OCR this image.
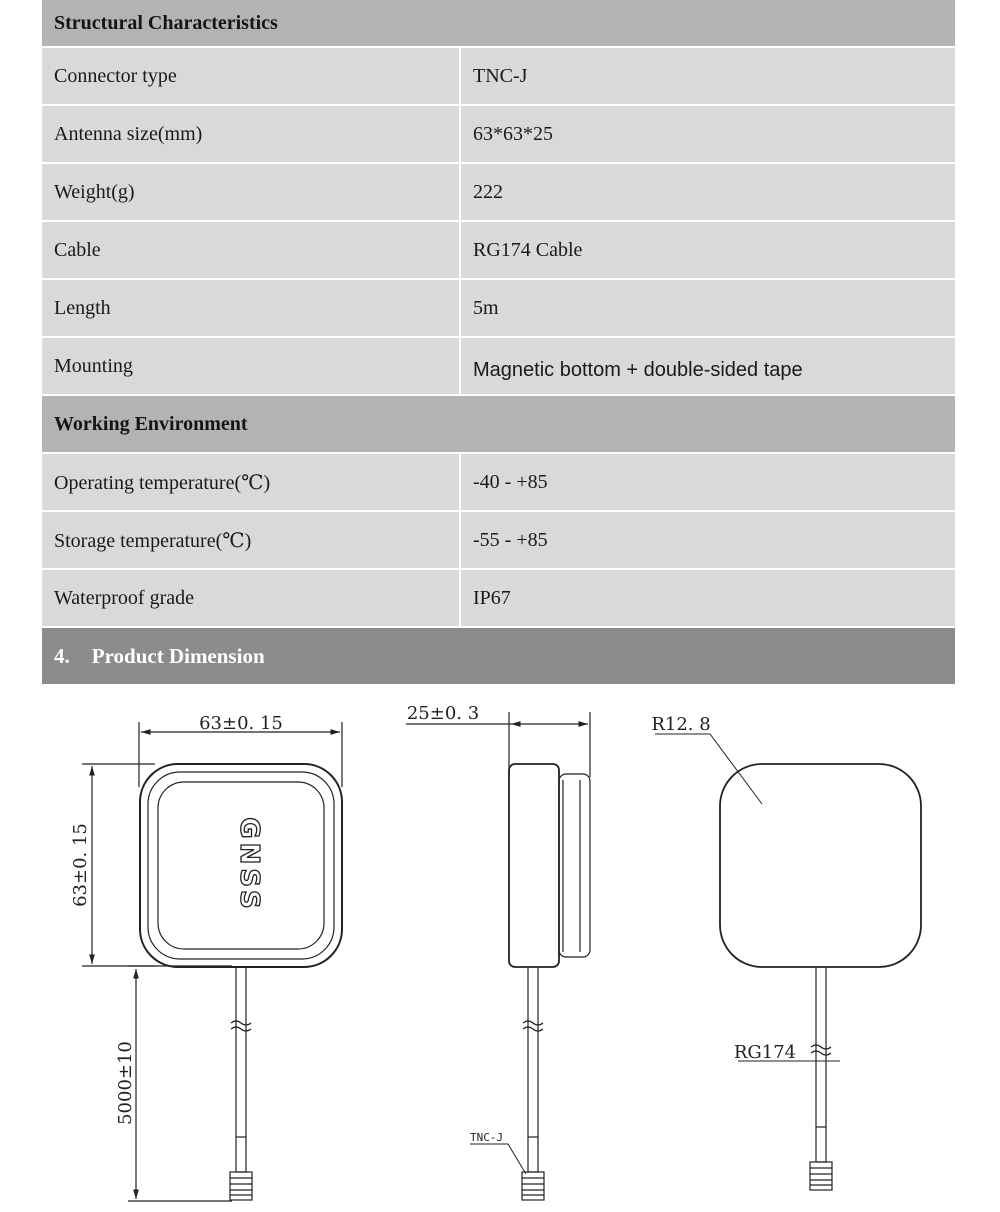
Structural Characteristics
Connector type	TNC-J
Antenna size(mm)	63*63*25
Weight(g)	222
Cable	RG174 Cable
Length	5m
Mounting	Magnetic bottom + double-sided tape
Working Environment
Operating temperature(℃)	-40 - +85
Storage temperature(℃)	-55 - +85
Waterproof grade	IP67
4. Product Dimension
63±0. 15
63±0. 15
5000±10
GNSS
25±0. 3
TNC-J
R12. 8
RG174
